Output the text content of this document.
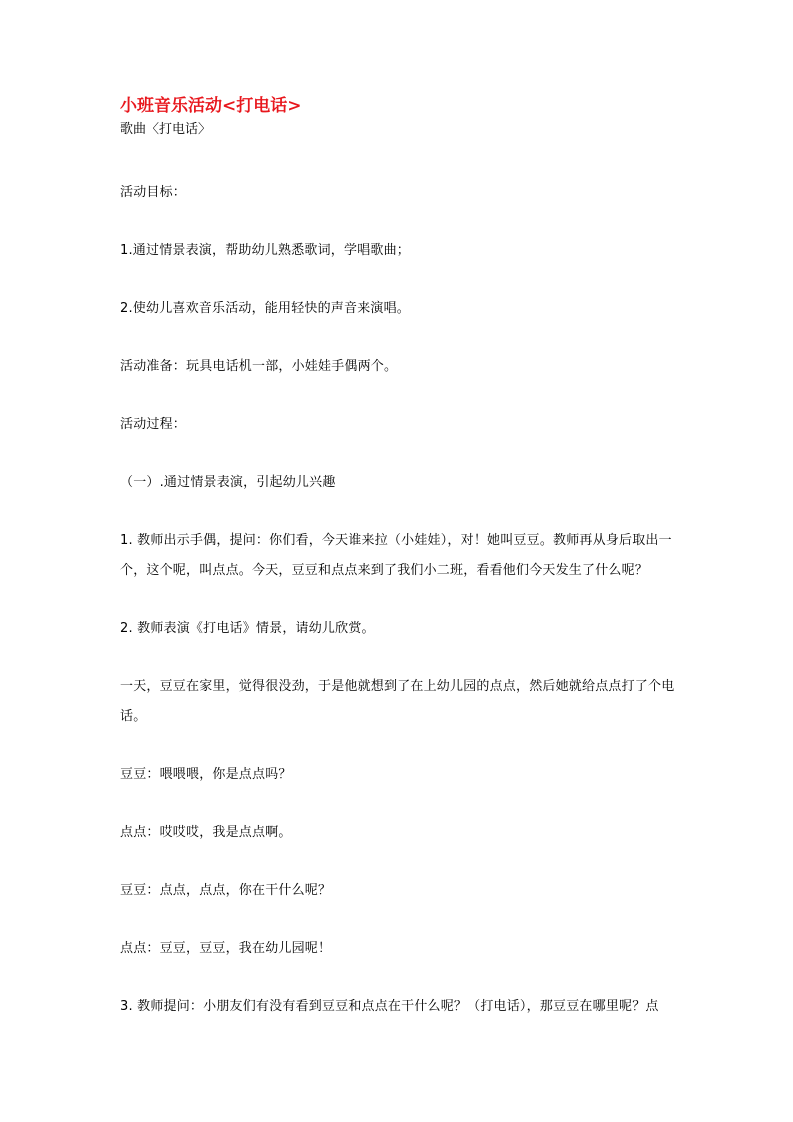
小班音乐活动<打电话>
歌曲〈打电话〉

活动目标：

1.通过情景表演，帮助幼儿熟悉歌词，学唱歌曲；

2.使幼儿喜欢音乐活动，能用轻快的声音来演唱。

活动准备：玩具电话机一部，小娃娃手偶两个。

活动过程：

（一）.通过情景表演，引起幼儿兴趣

1. 教师出示手偶，提问：你们看，今天谁来拉（小娃娃），对！她叫豆豆。教师再从身后取出一个，这个呢，叫点点。今天，豆豆和点点来到了我们小二班，看看他们今天发生了什么呢？

2. 教师表演《打电话》情景，请幼儿欣赏。

一天，豆豆在家里，觉得很没劲，于是他就想到了在上幼儿园的点点，然后她就给点点打了个电话。

豆豆：喂喂喂，你是点点吗？

点点：哎哎哎，我是点点啊。

豆豆：点点，点点，你在干什么呢？

点点：豆豆，豆豆，我在幼儿园呢！

3. 教师提问：小朋友们有没有看到豆豆和点点在干什么呢？（打电话），那豆豆在哪里呢？点
